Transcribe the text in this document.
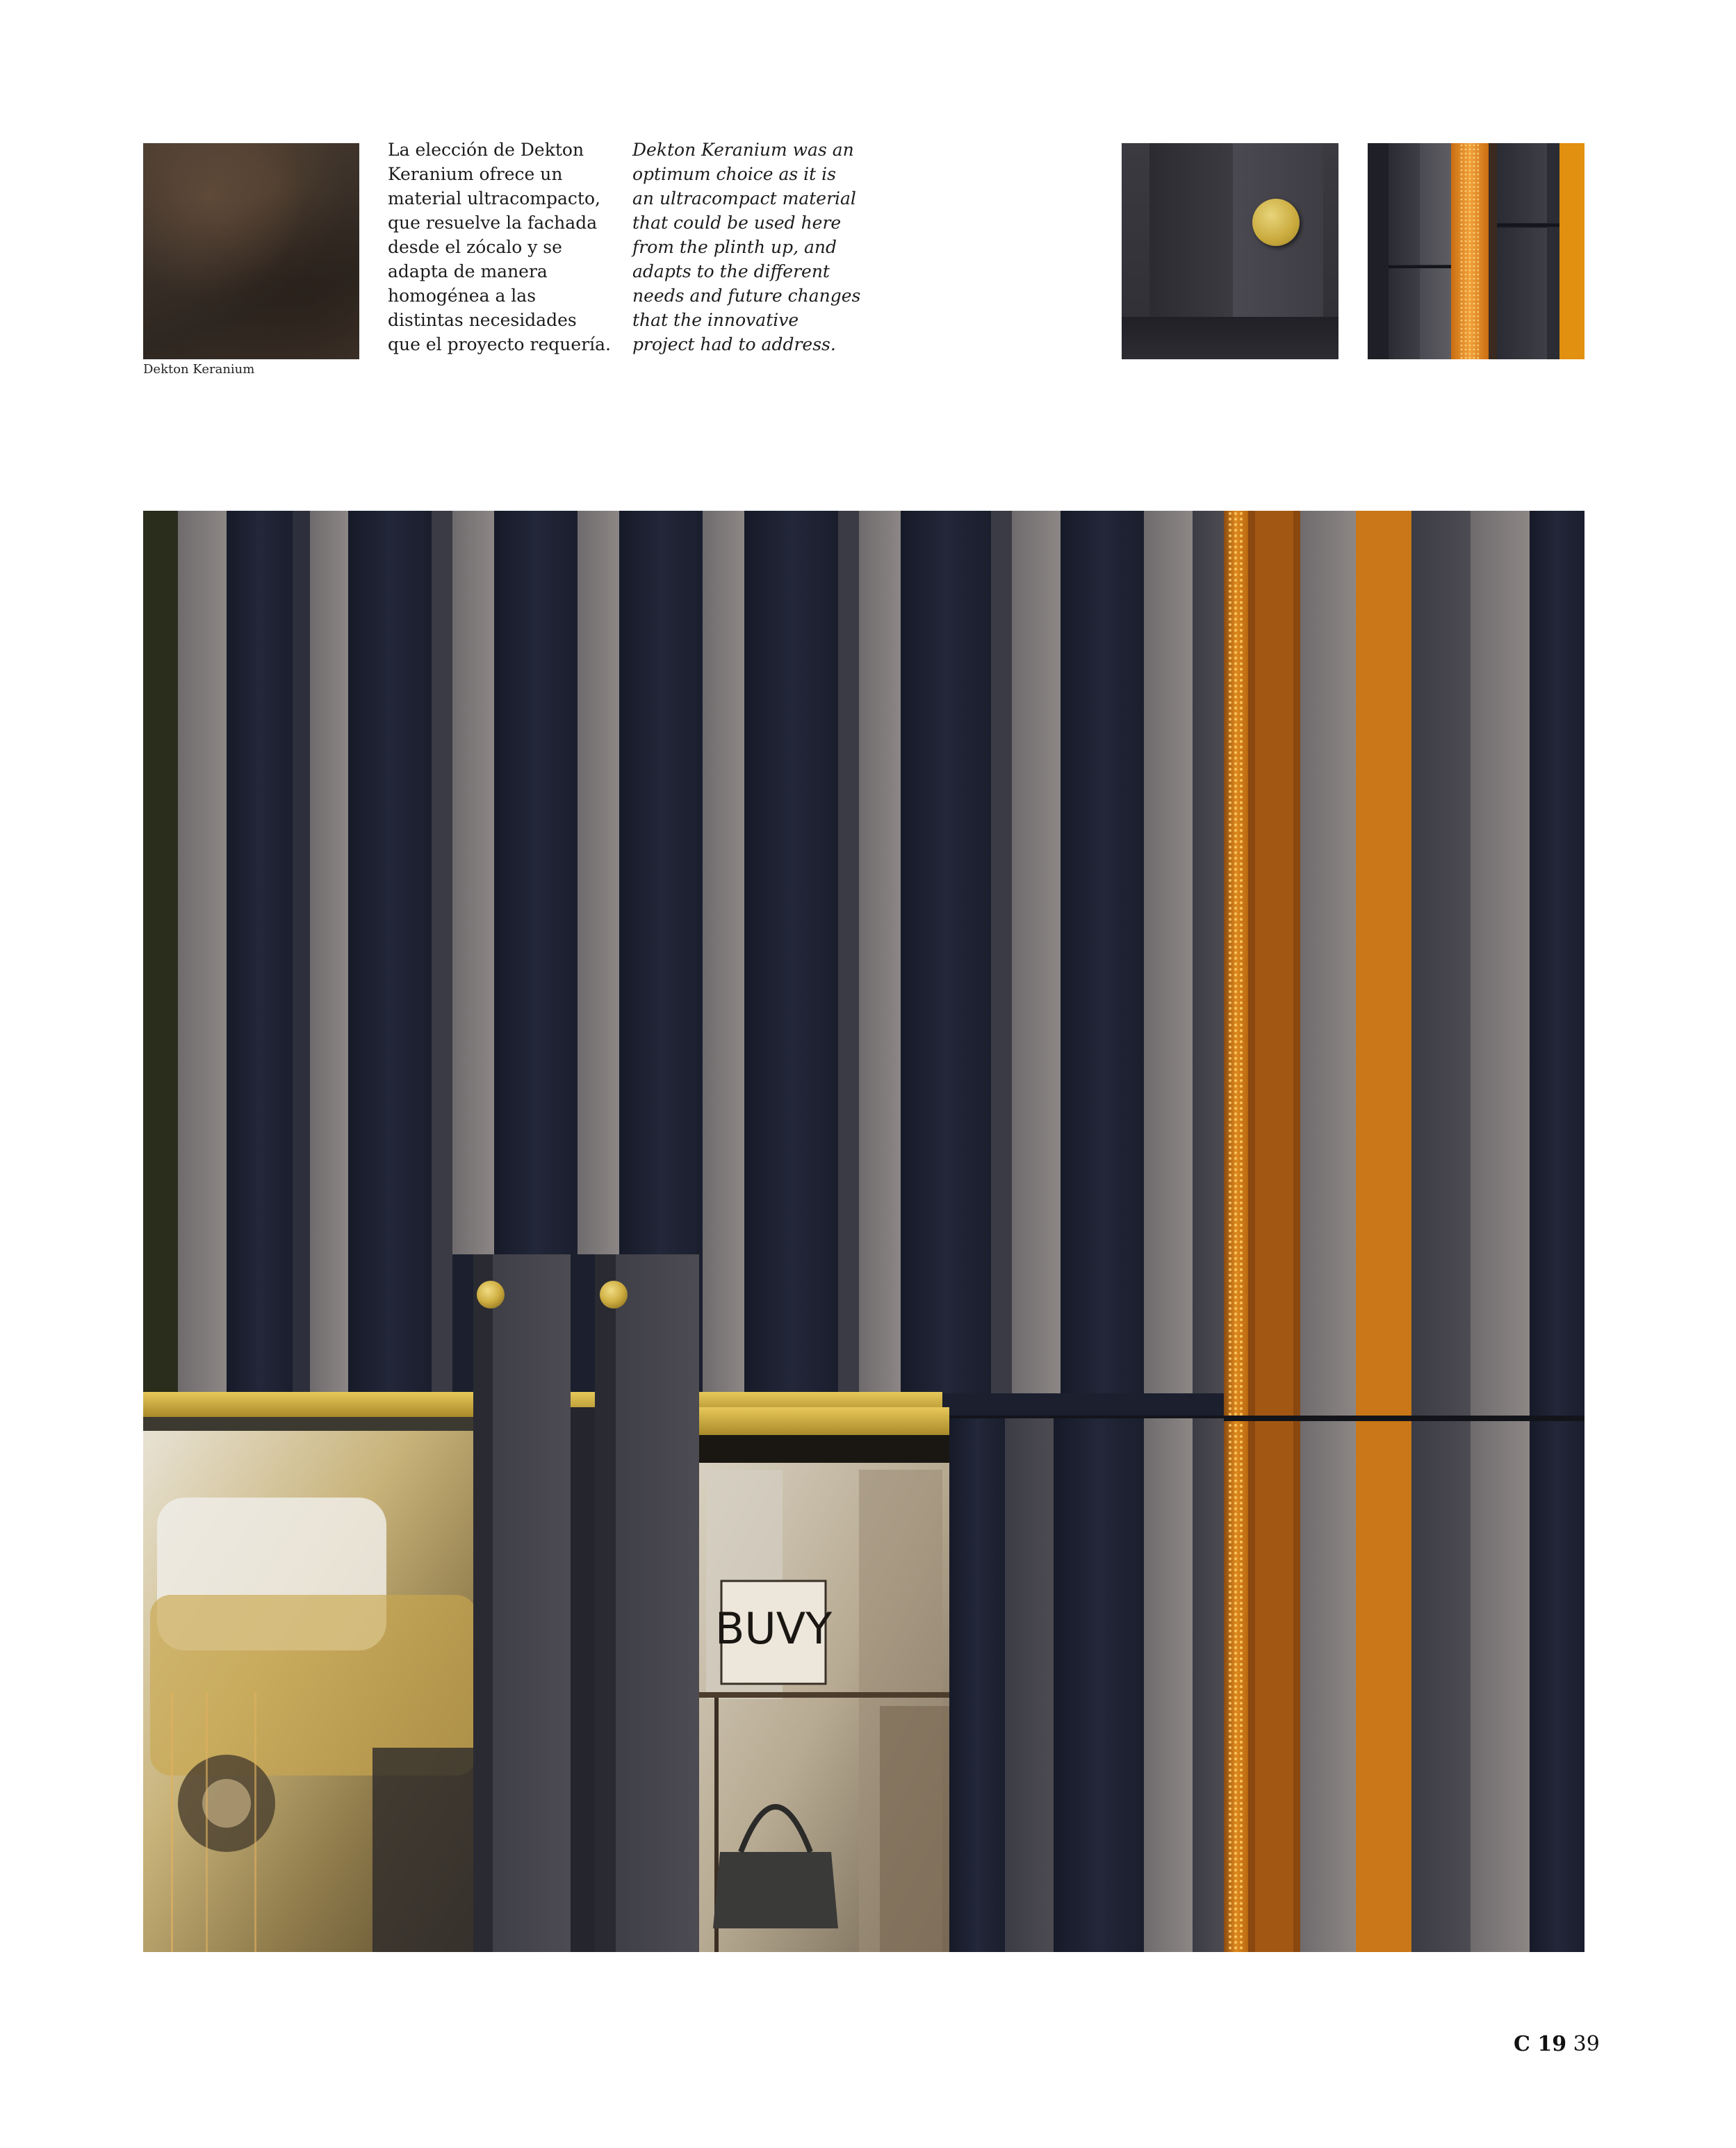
Dekton Keranium
La elección de Dekton
Keranium ofrece un
material ultracompacto,
que resuelve la fachada
desde el zócalo y se
adapta de manera
homogénea a las
distintas necesidades
que el proyecto requería.
Dekton Keranium was an
optimum choice as it is
an ultracompact material
that could be used here
from the plinth up, and
adapts to the different
needs and future changes
that the innovative
project had to address.
BUVY
C 19 39
